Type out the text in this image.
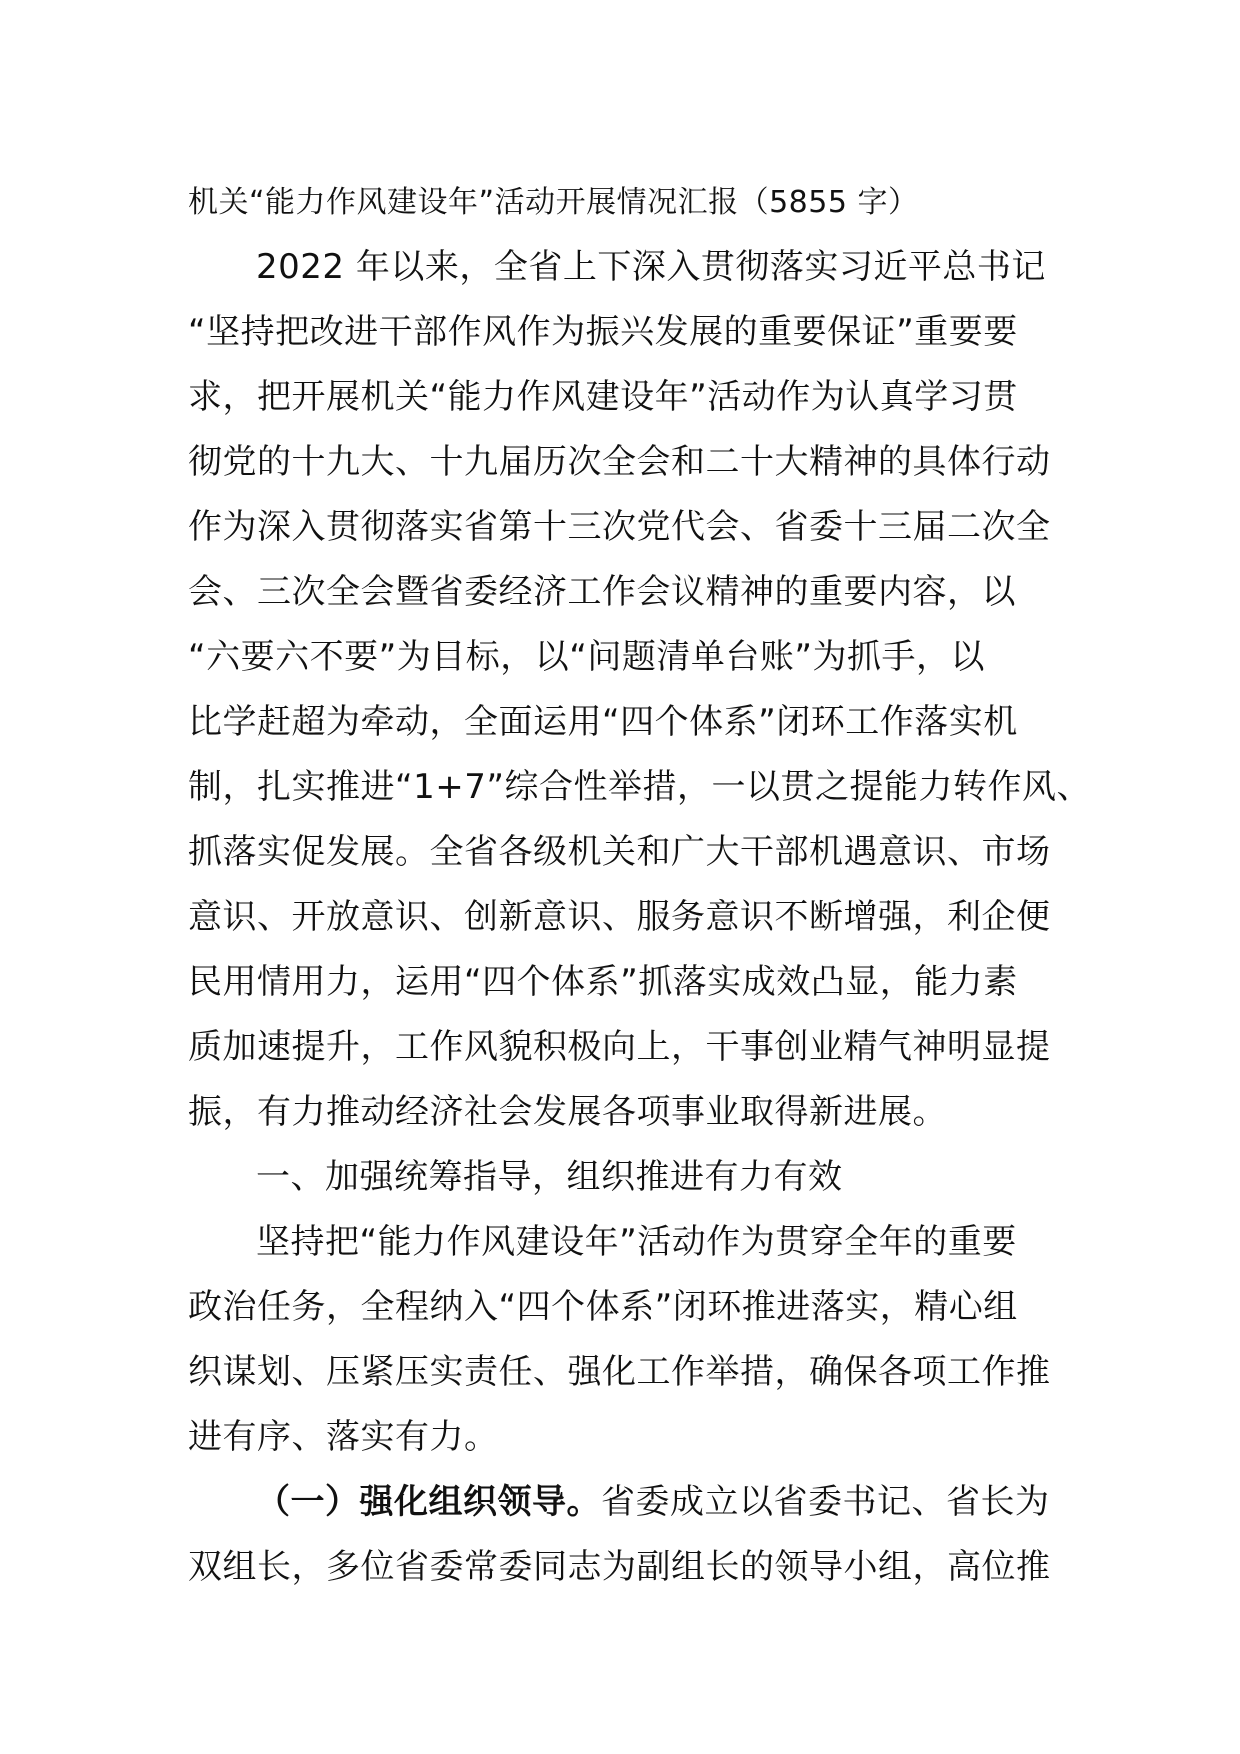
机关“能力作风建设年”活动开展情况汇报（5855 字）
2022 年以来，全省上下深入贯彻落实习近平总书记
“坚持把改进干部作风作为振兴发展的重要保证”重要要
求，把开展机关“能力作风建设年”活动作为认真学习贯
彻党的十九大、十九届历次全会和二十大精神的具体行动
作为深入贯彻落实省第十三次党代会、省委十三届二次全
会、三次全会暨省委经济工作会议精神的重要内容，以
“六要六不要”为目标，以“问题清单台账”为抓手，以
比学赶超为牵动，全面运用“四个体系”闭环工作落实机
制，扎实推进“1+7”综合性举措，一以贯之提能力转作风、
抓落实促发展。全省各级机关和广大干部机遇意识、市场
意识、开放意识、创新意识、服务意识不断增强，利企便
民用情用力，运用“四个体系”抓落实成效凸显，能力素
质加速提升，工作风貌积极向上，干事创业精气神明显提
振，有力推动经济社会发展各项事业取得新进展。
一、加强统筹指导，组织推进有力有效
坚持把“能力作风建设年”活动作为贯穿全年的重要
政治任务，全程纳入“四个体系”闭环推进落实，精心组
织谋划、压紧压实责任、强化工作举措，确保各项工作推
进有序、落实有力。
（一）强化组织领导。省委成立以省委书记、省长为
双组长，多位省委常委同志为副组长的领导小组，高位推
